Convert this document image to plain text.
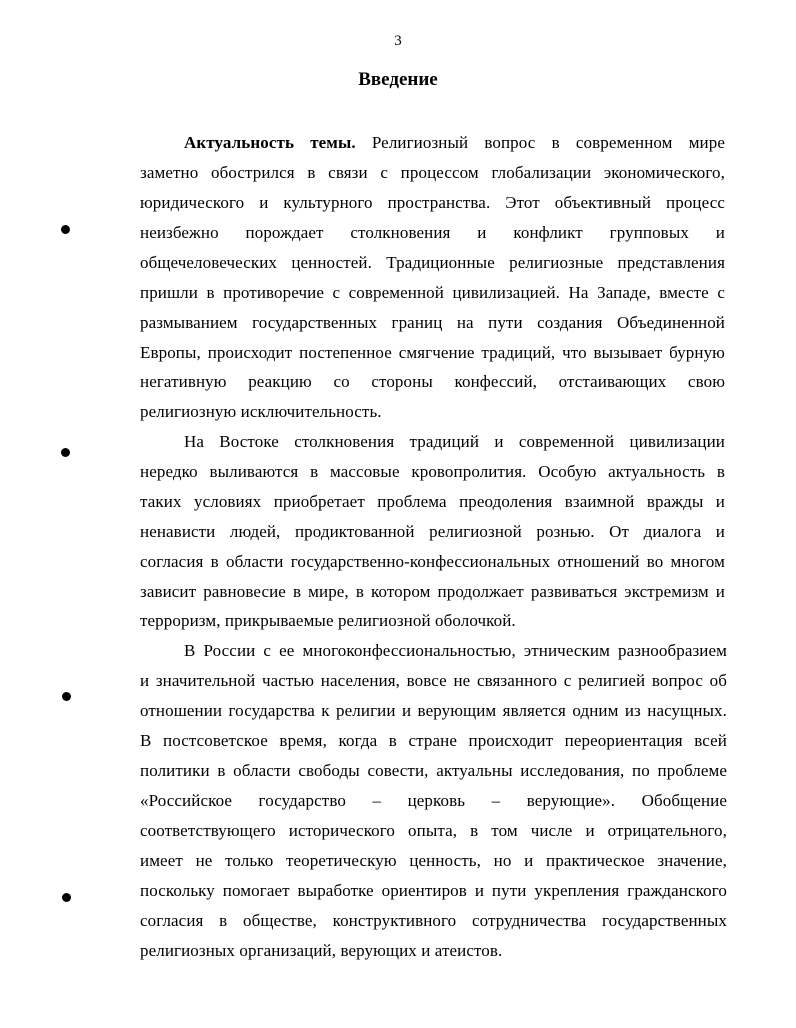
3
Введение
Актуальность темы. Религиозный вопрос в современном мире
заметно обострился в связи с процессом глобализации экономического,
юридического и культурного пространства. Этот объективный процесс
неизбежно порождает столкновения и конфликт групповых и
общечеловеческих ценностей. Традиционные религиозные представления
пришли в противоречие с современной цивилизацией. На Западе, вместе с
размыванием государственных границ на пути создания Объединенной
Европы, происходит постепенное смягчение традиций, что вызывает бурную
негативную реакцию со стороны конфессий, отстаивающих свою
религиозную исключительность.
На Востоке столкновения традиций и современной цивилизации
нередко выливаются в массовые кровопролития. Особую актуальность в
таких условиях приобретает проблема преодоления взаимной вражды и
ненависти людей, продиктованной религиозной рознью. От диалога и
согласия в области государственно-конфессиональных отношений во многом
зависит равновесие в мире, в котором продолжает развиваться экстремизм и
терроризм, прикрываемые религиозной оболочкой.
В России с ее многоконфессиональностью, этническим разнообразием
и значительной частью населения, вовсе не связанного с религией вопрос об
отношении государства к религии и верующим является одним из насущных.
В постсоветское время, когда в стране происходит переориентация всей
политики в области свободы совести, актуальны исследования, по проблеме
«Российское государство – церковь – верующие». Обобщение
соответствующего исторического опыта, в том числе и отрицательного,
имеет не только теоретическую ценность, но и практическое значение,
поскольку помогает выработке ориентиров и пути укрепления гражданского
согласия в обществе, конструктивного сотрудничества государственных
религиозных организаций, верующих и атеистов.
